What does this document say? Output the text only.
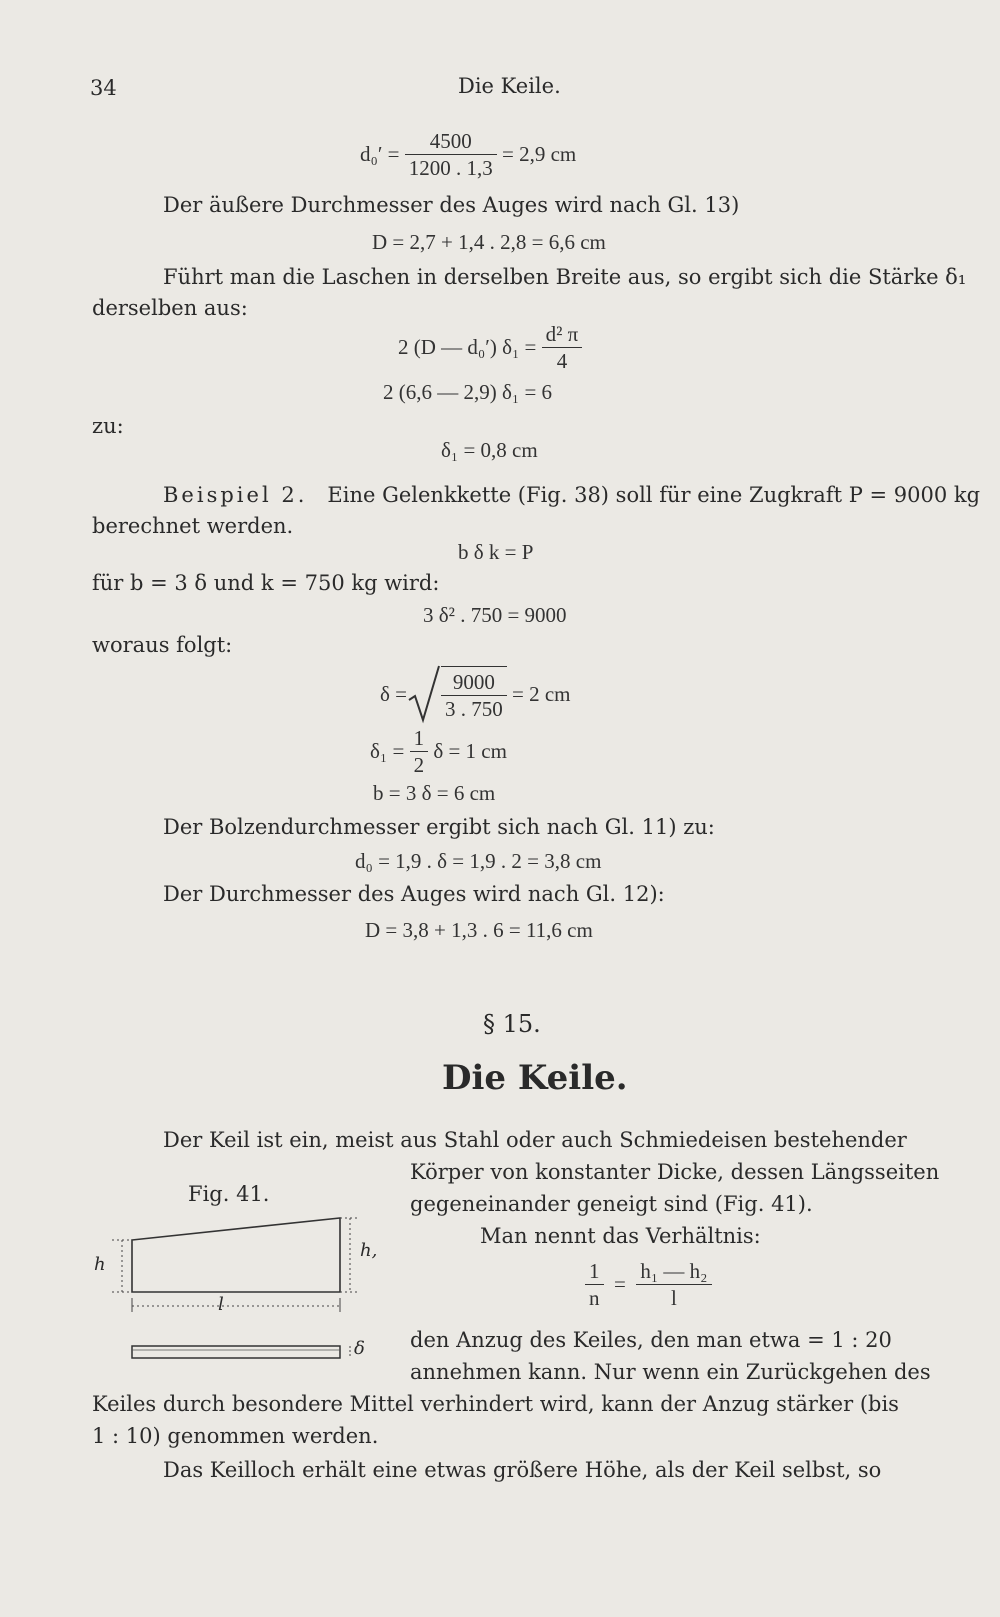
34	Die Keile.
d₀′ =
$\frac{4500}{1200 . 1,3}$
= 2,9 cm
Der äußere Durchmesser des Auges wird nach Gl. 13)
D = 2,7 + 1,4 . 2,8 = 6,6 cm
Führt man die Laschen in derselben Breite aus, so ergibt sich die Stärke δ₁
derselben aus:
2 (D — d₀′) δ₁ =
$\frac{\text{d² π}}{4}$
2 (6,6 — 2,9) δ₁ = 6
zu:
δ₁ = 0,8 cm
Beispiel 2. Eine Gelenkkette (Fig. 38) soll für eine Zugkraft P = 9000 kg
berechnet werden.
b δ k = P
für b = 3 δ und k = 750 kg wird:
3 δ² . 750 = 9000
woraus folgt:
$\delta = \frac{9000}{3 . 750}$
= 2 cm
δ₁ =
$\frac{1}{2}$
δ = 1 cm
b = 3 δ = 6 cm
Der Bolzendurchmesser ergibt sich nach Gl. 11) zu:
d₀ = 1,9 . δ = 1,9 . 2 = 3,8 cm
Der Durchmesser des Auges wird nach Gl. 12):
D = 3,8 + 1,3 . 6 = 11,6 cm
§ 15.
Die Keile.
Der Keil ist ein, meist aus Stahl oder auch Schmiedeisen bestehender
Körper von konstanter Dicke, dessen Längsseiten
gegeneinander geneigt sind (Fig. 41).
Man nennt das Verhältnis:
$\frac{1}{n}$
=
$\frac{\text{h₁ — h₂}}{l}$
den Anzug des Keiles, den man etwa = 1 : 20
annehmen kann. Nur wenn ein Zurückgehen des
Keiles durch besondere Mittel verhindert wird, kann der Anzug stärker (bis
1 : 10) genommen werden.
Das Keilloch erhält eine etwas größere Höhe, als der Keil selbst, so
Fig. 41.
h
h,
l
δ
